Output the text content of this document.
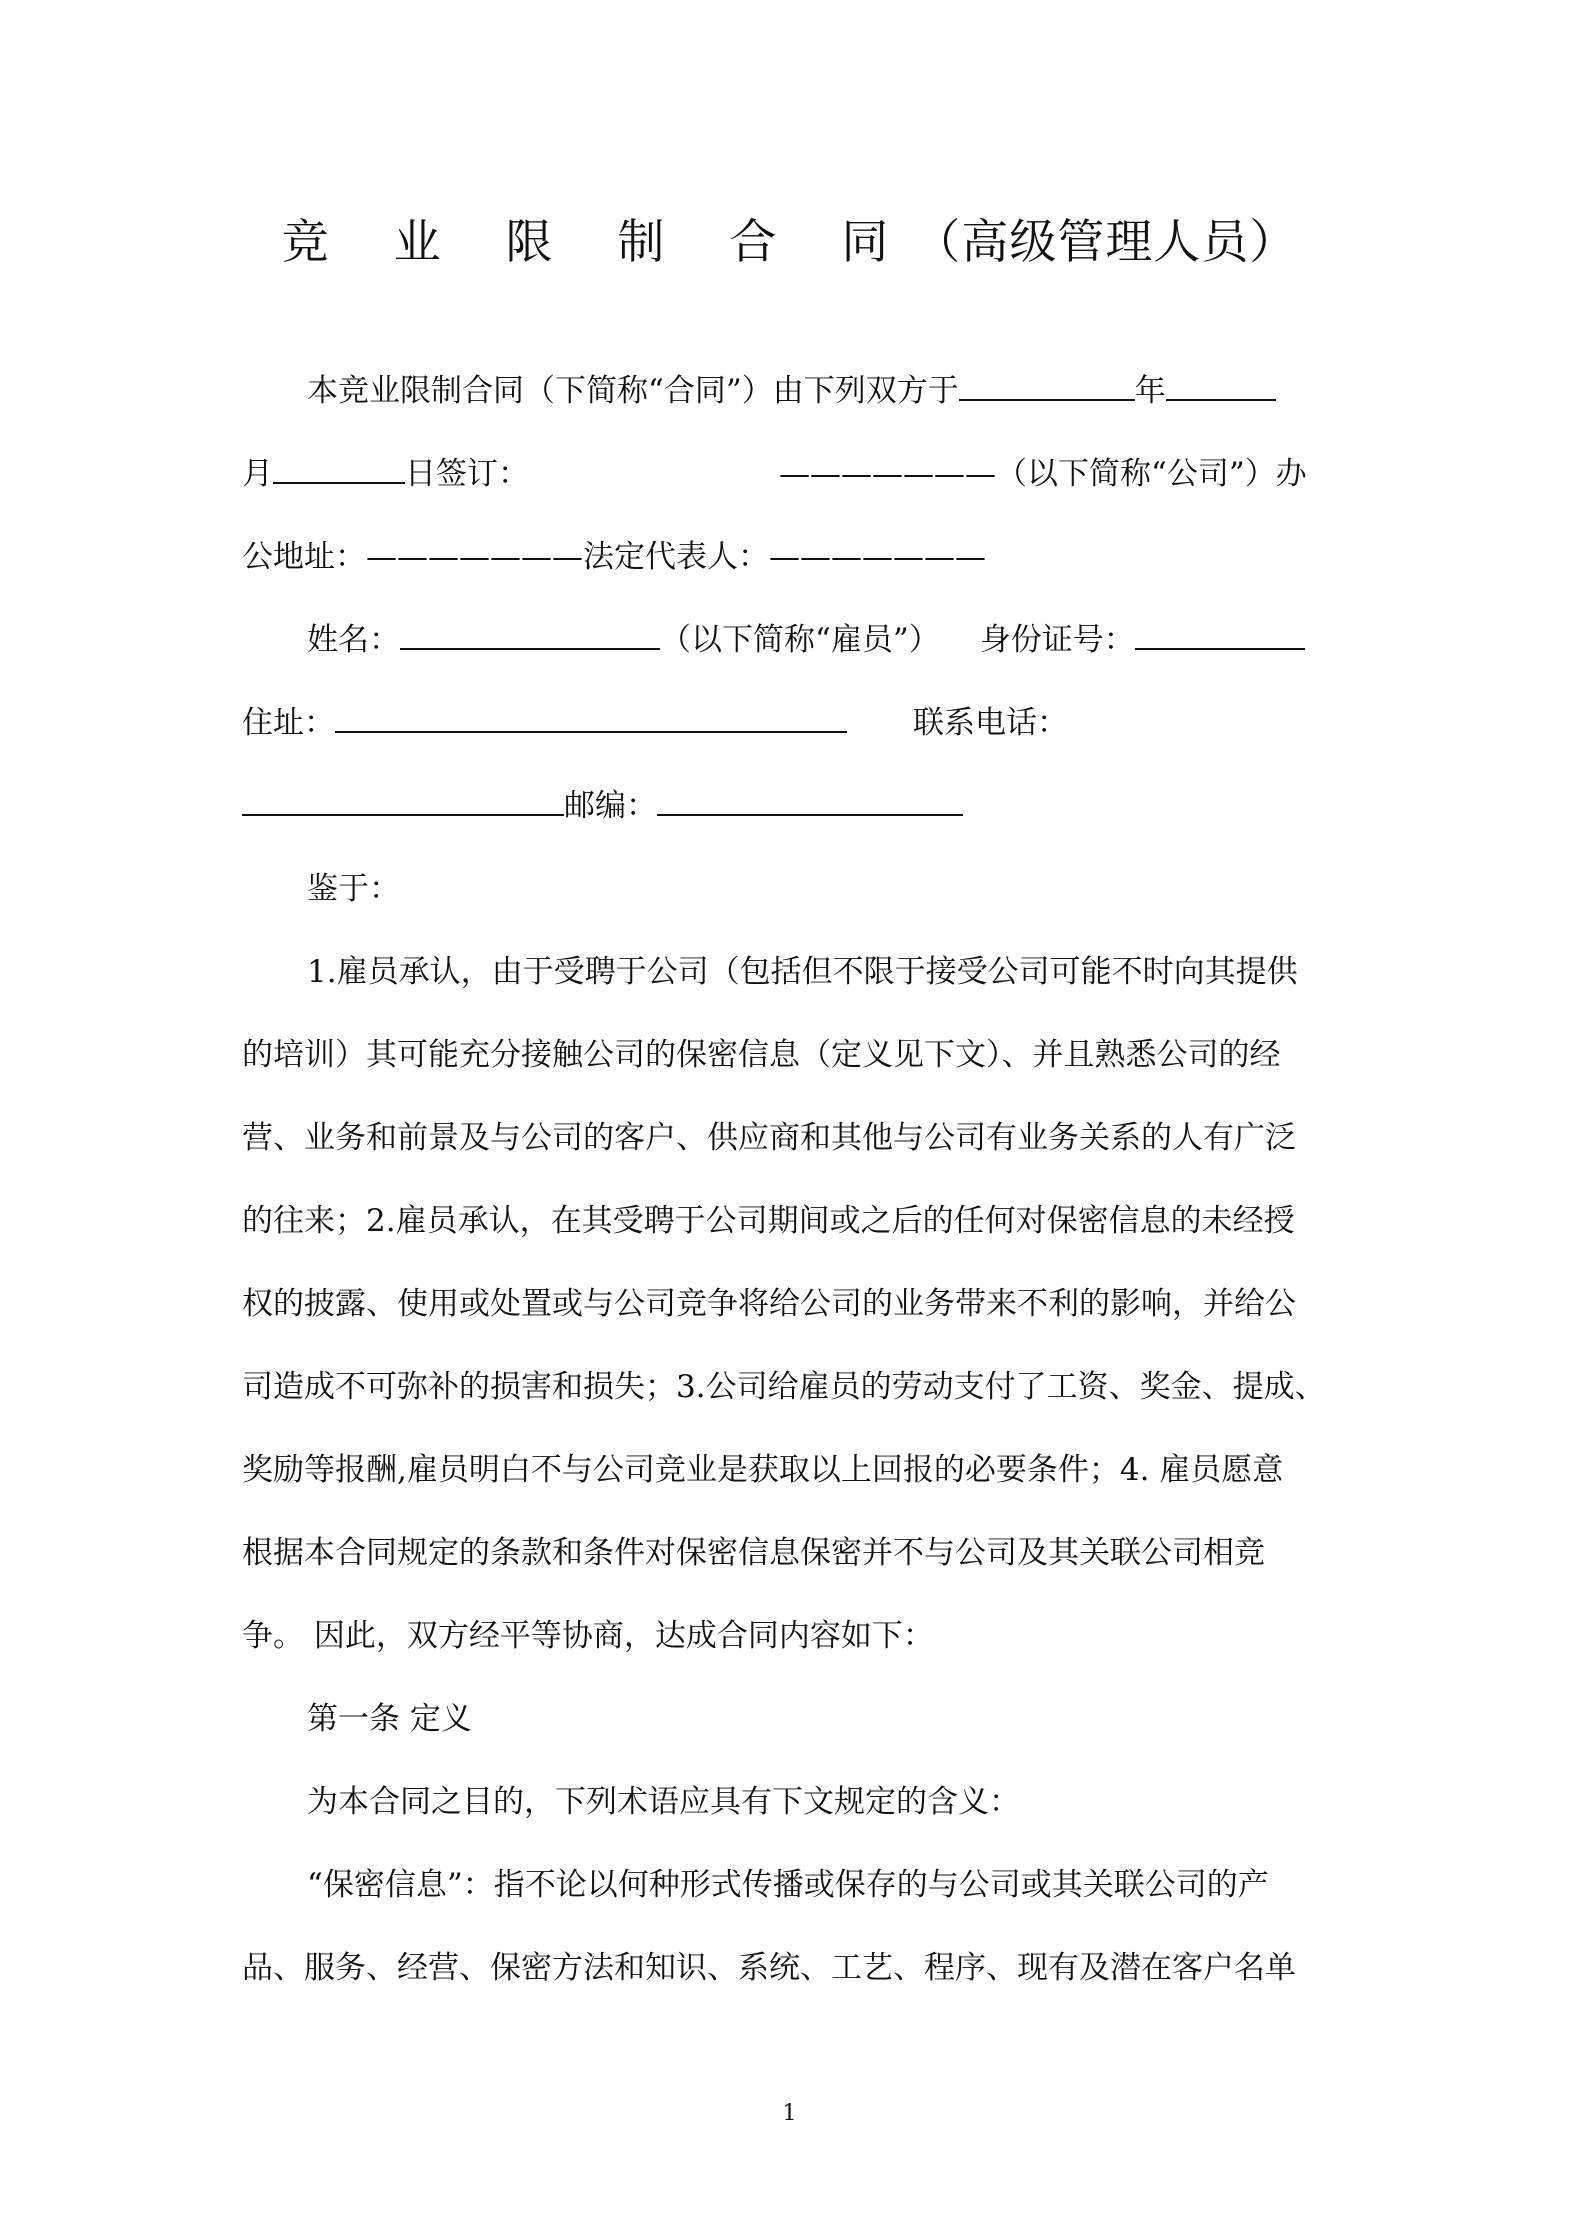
竞 业 限 制 合 同（高级管理人员）
本竞业限制合同（下简称“合同”）由下列双方于	年
月	日签订：	———————（以下简称“公司”）办
公地址：———————法定代表人：———————
姓名：	（以下简称“雇员”） 身份证号：
住址：	联系电话：
邮编：
鉴于：
1.雇员承认，由于受聘于公司（包括但不限于接受公司可能不时向其提供
的培训）其可能充分接触公司的保密信息（定义见下文）、并且熟悉公司的经
营、业务和前景及与公司的客户、供应商和其他与公司有业务关系的人有广泛
的往来；2.雇员承认，在其受聘于公司期间或之后的任何对保密信息的未经授
权的披露、使用或处置或与公司竞争将给公司的业务带来不利的影响，并给公
司造成不可弥补的损害和损失；3.公司给雇员的劳动支付了工资、奖金、提成、
奖励等报酬,雇员明白不与公司竞业是获取以上回报的必要条件；4. 雇员愿意
根据本合同规定的条款和条件对保密信息保密并不与公司及其关联公司相竞
争。 因此，双方经平等协商，达成合同内容如下：
第一条 定义
为本合同之目的，下列术语应具有下文规定的含义：
“保密信息”：指不论以何种形式传播或保存的与公司或其关联公司的产
品、服务、经营、保密方法和知识、系统、工艺、程序、现有及潜在客户名单
1
